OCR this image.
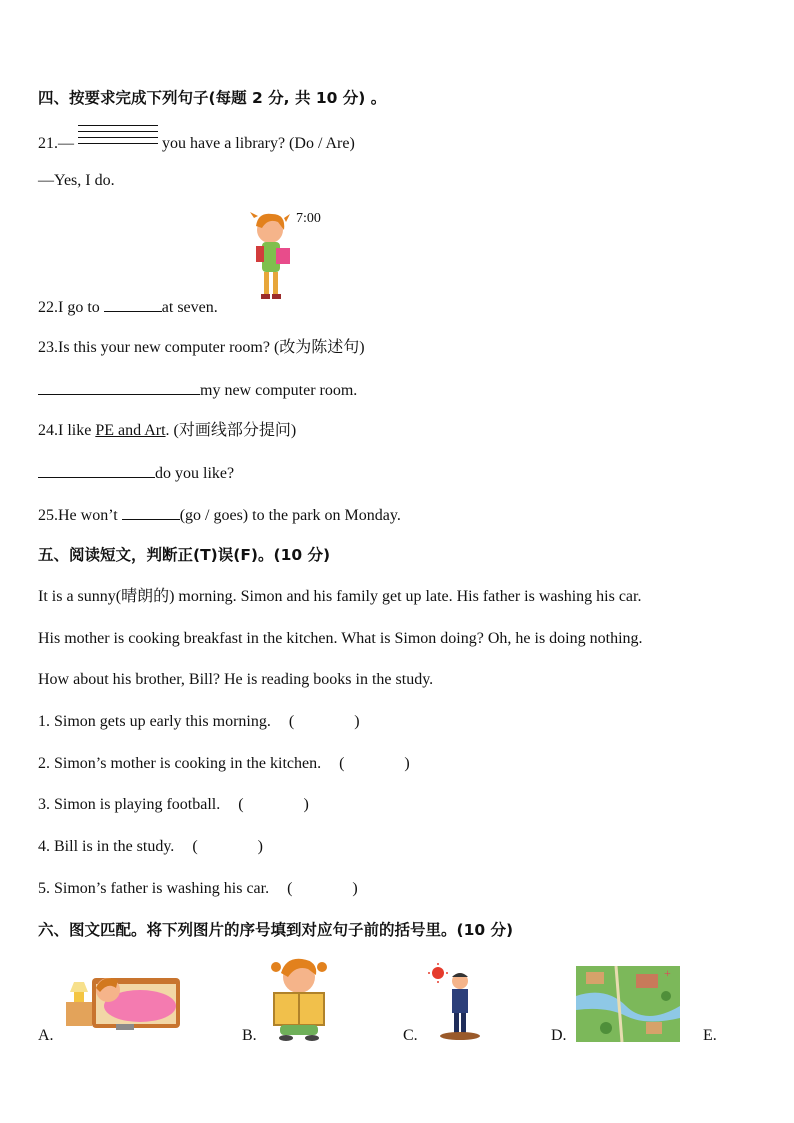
四、按要求完成下列句子(每题 2 分, 共 10 分) 。
21.—	you have a library? (Do / Are)
—Yes, I do.
7:00
22.I go to	at seven.
23.Is this your new computer room? (改为陈述句)
my new computer room.
24.I like PE and Art. (对画线部分提问)
do you like?
25.He won’t	(go / goes) to the park on Monday.
五、阅读短文，判断正(T)误(F)。(10 分)
It is a sunny(晴朗的) morning. Simon and his family get up late. His father is washing his car.
His mother is cooking breakfast in the kitchen. What is Simon doing? Oh, he is doing nothing.
How about his brother, Bill? He is reading books in the study.
1. Simon gets up early this morning. (	)
2. Simon’s mother is cooking in the kitchen. (	)
3. Simon is playing football. (	)
4. Bill is in the study. (	)
5. Simon’s father is washing his car. (	)
六、图文匹配。将下列图片的序号填到对应句子前的括号里。(10 分)
A.	B.	C.
+
D.	E.
